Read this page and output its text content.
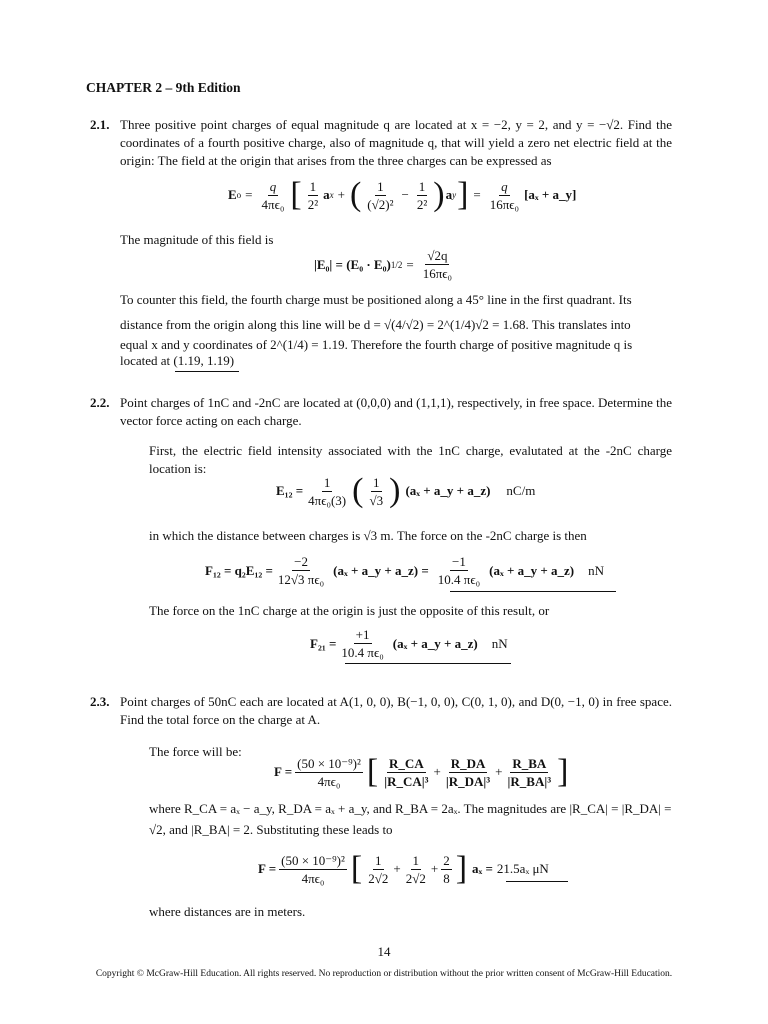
CHAPTER 2 – 9th Edition
2.1. Three positive point charges of equal magnitude q are located at x = −2, y = 2, and y = −√2. Find the coordinates of a fourth positive charge, also of magnitude q, that will yield a zero net electric field at the origin: The field at the origin that arises from the three charges can be expressed as
E $o = \frac{q}{\text{4πϵ₀}}$ [ $\frac{1}{\text{2²}}$ a x + ( $\frac{1}{\text{(√2)²}} - \frac{1}{\text{2²}}$ ) a y ] = $\frac{q}{\text{16πϵ₀}} [a_x$ + a_y]
The magnitude of this field is
|E₀| = (E₀ · E₀) $1/2 = \frac{√2q}{\text{16πϵ₀}}$
To counter this field, the fourth charge must be positioned along a 45° line in the first quadrant. Its
distance from the origin along this line will be d = √(4/√2) = 2^(1/4)√2 = 1.68. This translates into
equal x and y coordinates of 2^(1/4) = 1.19. Therefore the fourth charge of positive magnitude q is
located at (1.19, 1.19)
2.2. Point charges of 1nC and -2nC are located at (0,0,0) and (1,1,1), respectively, in free space. Determine the vector force acting on each charge.
First, the electric field intensity associated with the 1nC charge, evalutated at the -2nC charge location is:
$E_{12} = \frac{1}{\text{4πϵ₀(3)}}$ ( $\frac{1}{√3}$ ) (aₓ + a_y + a_z) nC/m
in which the distance between charges is √3 m. The force on the -2nC charge is then
$F_{12} = q_2E_{12} = \frac{-2}{\text{12√3 πϵ₀}} (a_x$ + a_y + a_z) = $\frac{-1}{\text{10.4 πϵ₀}} (a_x$ + a_y + a_z) nN
The force on the 1nC charge at the origin is just the opposite of this result, or
$F_{21} = \frac{+1}{\text{10.4 πϵ₀}} (a_x$ + a_y + a_z) nN
2.3. Point charges of 50nC each are located at A(1, 0, 0), B(−1, 0, 0), C(0, 1, 0), and D(0, −1, 0) in free space. Find the total force on the charge at A.
The force will be:
$F = \frac{\text{(50 × 10⁻⁹)²}}{\text{4πϵ₀}}$ [ $\frac{R\_CA}{\text{|R\_CA|³}} + \frac{R\_DA}{\text{|R\_DA|³}} + \frac{R\_BA}{\text{|R\_BA|³}}$ ]
where R_CA = aₓ − a_y, R_DA = aₓ + a_y, and R_BA = 2aₓ. The magnitudes are |R_CA| = |R_DA| =
√2, and |R_BA| = 2. Substituting these leads to
$F = \frac{\text{(50 × 10⁻⁹)²}}{\text{4πϵ₀}}$ [ $\frac{1}{2√2} + \frac{1}{2√2} + \frac{2}{8}$ ] aₓ = 21.5aₓ μN
where distances are in meters.
14
Copyright © McGraw-Hill Education. All rights reserved. No reproduction or distribution without the prior written consent of McGraw-Hill Education.
